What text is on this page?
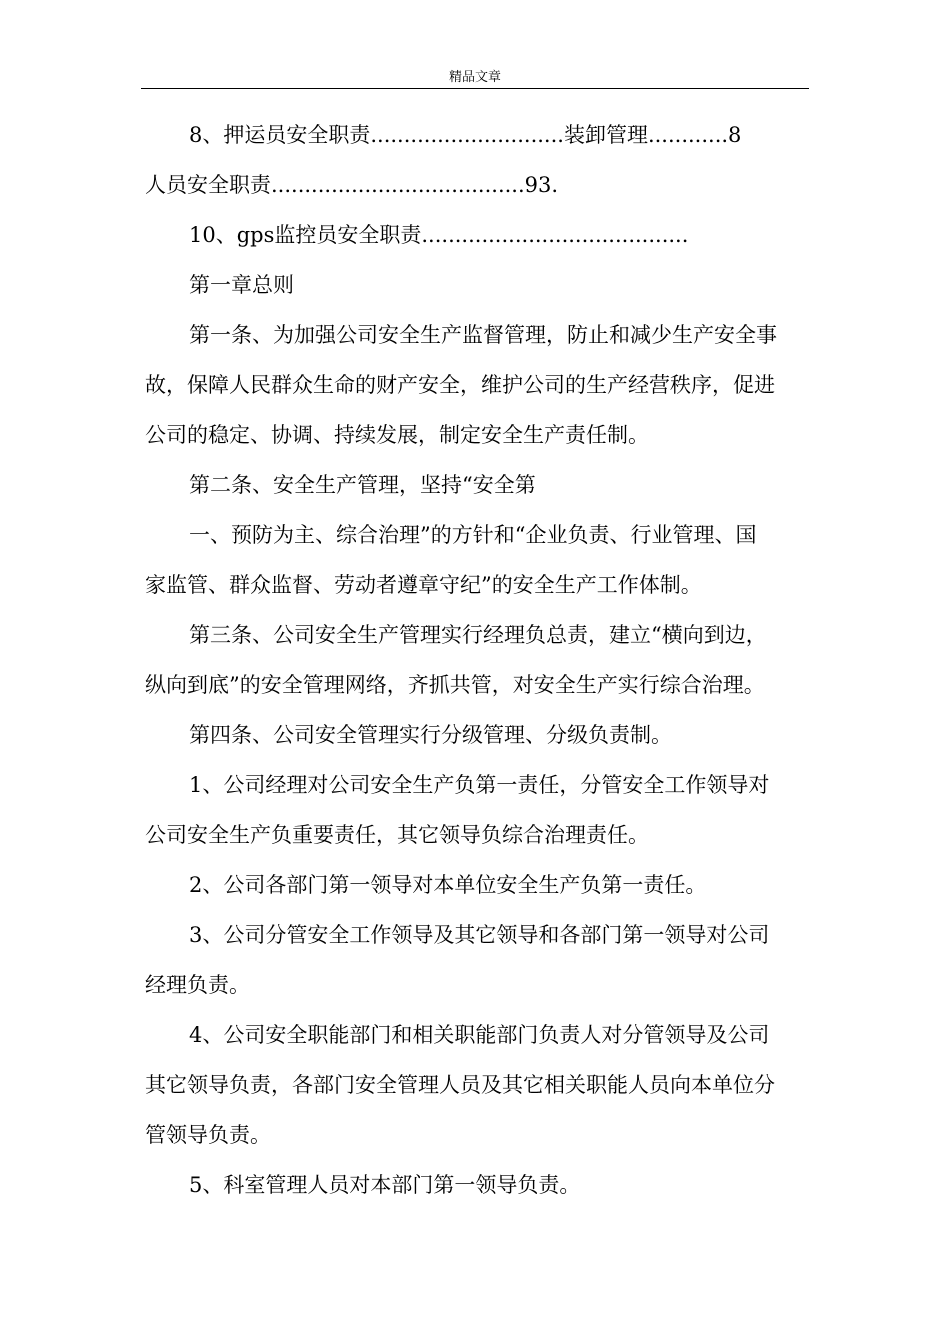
精品文章
8、押运员安全职责.............................装卸管理............8
人员安全职责......................................93.
10、gps监控员安全职责........................................
第一章总则
第一条、为加强公司安全生产监督管理，防止和减少生产安全事
故，保障人民群众生命的财产安全，维护公司的生产经营秩序，促进
公司的稳定、协调、持续发展，制定安全生产责任制。
第二条、安全生产管理，坚持“安全第
一、预防为主、综合治理”的方针和“企业负责、行业管理、国
家监管、群众监督、劳动者遵章守纪”的安全生产工作体制。
第三条、公司安全生产管理实行经理负总责，建立“横向到边，
纵向到底”的安全管理网络，齐抓共管，对安全生产实行综合治理。
第四条、公司安全管理实行分级管理、分级负责制。
1、公司经理对公司安全生产负第一责任，分管安全工作领导对
公司安全生产负重要责任，其它领导负综合治理责任。
2、公司各部门第一领导对本单位安全生产负第一责任。
3、公司分管安全工作领导及其它领导和各部门第一领导对公司
经理负责。
4、公司安全职能部门和相关职能部门负责人对分管领导及公司
其它领导负责，各部门安全管理人员及其它相关职能人员向本单位分
管领导负责。
5、科室管理人员对本部门第一领导负责。
